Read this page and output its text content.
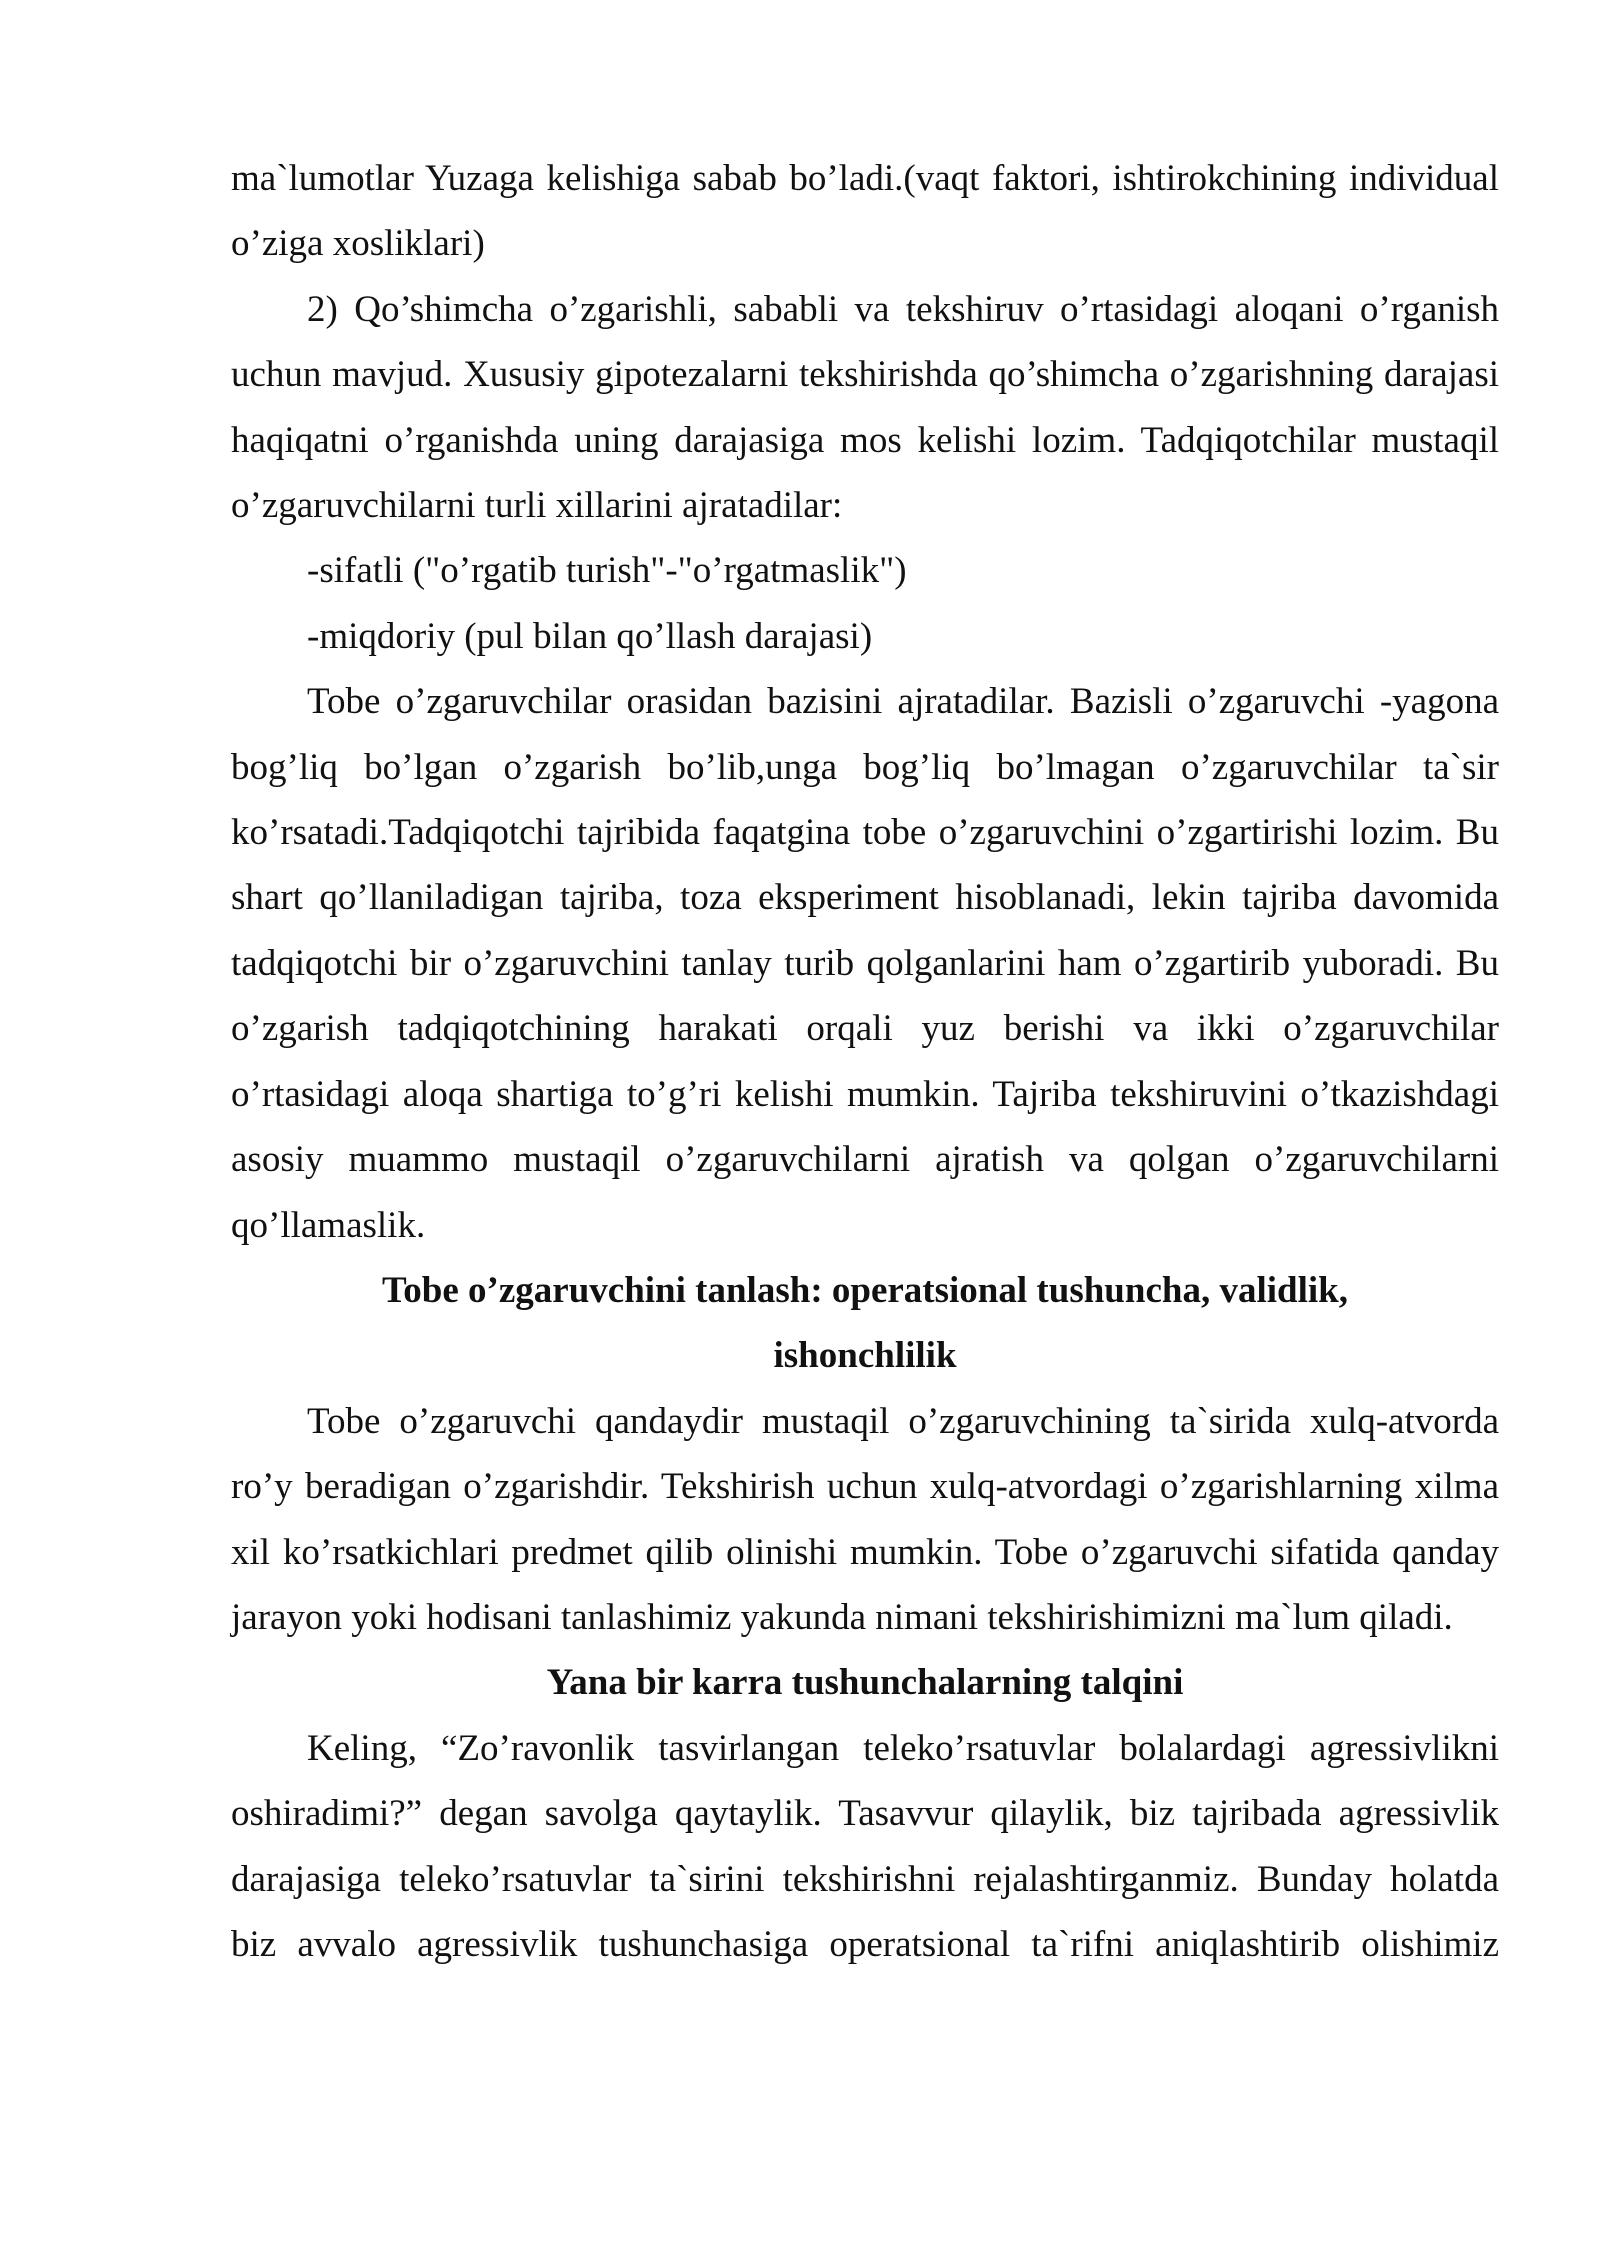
ma`lumotlar Yuzaga kelishiga sabab bo’ladi.(vaqt faktori, ishtirokchining individual o’ziga xosliklari)

2) Qo’shimcha o’zgarishli, sababli va tekshiruv o’rtasidagi aloqani o’rganish uchun mavjud. Xususiy gipotezalarni tekshirishda qo’shimcha o’zgarishning darajasi haqiqatni o’rganishda uning darajasiga mos kelishi lozim. Tadqiqotchilar mustaqil o’zgaruvchilarni turli xillarini ajratadilar:

-sifatli ("o’rgatib turish"-"o’rgatmaslik")

-miqdoriy (pul bilan qo’llash darajasi)

Tobe o’zgaruvchilar orasidan bazisini ajratadilar. Bazisli o’zgaruvchi -yagona bog’liq bo’lgan o’zgarish bo’lib,unga bog’liq bo’lmagan o’zgaruvchilar ta`sir ko’rsatadi.Tadqiqotchi tajribida faqatgina tobe o’zgaruvchini o’zgartirishi lozim. Bu shart qo’llaniladigan tajriba, toza eksperiment hisoblanadi, lekin tajriba davomida tadqiqotchi bir o’zgaruvchini tanlay turib qolganlarini ham o’zgartirib yuboradi. Bu o’zgarish tadqiqotchining harakati orqali yuz berishi va ikki o’zgaruvchilar o’rtasidagi aloqa shartiga to’g’ri kelishi mumkin. Tajriba tekshiruvini o’tkazishdagi asosiy muammo mustaqil o’zgaruvchilarni ajratish va qolgan o’zgaruvchilarni qo’llamaslik.

Tobe o’zgaruvchini tanlash: operatsional tushuncha, validlik,
ishonchlilik

Tobe o’zgaruvchi qandaydir mustaqil o’zgaruvchining ta`sirida xulq-atvorda ro’y beradigan o’zgarishdir. Tekshirish uchun xulq-atvordagi o’zgarishlarning xilma xil ko’rsatkichlari predmet qilib olinishi mumkin. Tobe o’zgaruvchi sifatida qanday jarayon yoki hodisani tanlashimiz yakunda nimani tekshirishimizni ma`lum qiladi.

Yana bir karra tushunchalarning talqini

Keling, “Zo’ravonlik tasvirlangan teleko’rsatuvlar bolalardagi agressivlikni oshiradimi?” degan savolga qaytaylik. Tasavvur qilaylik, biz tajribada agressivlik darajasiga teleko’rsatuvlar ta`sirini tekshirishni rejalashtirganmiz. Bunday holatda biz avvalo agressivlik tushunchasiga operatsional ta`rifni aniqlashtirib olishimiz
